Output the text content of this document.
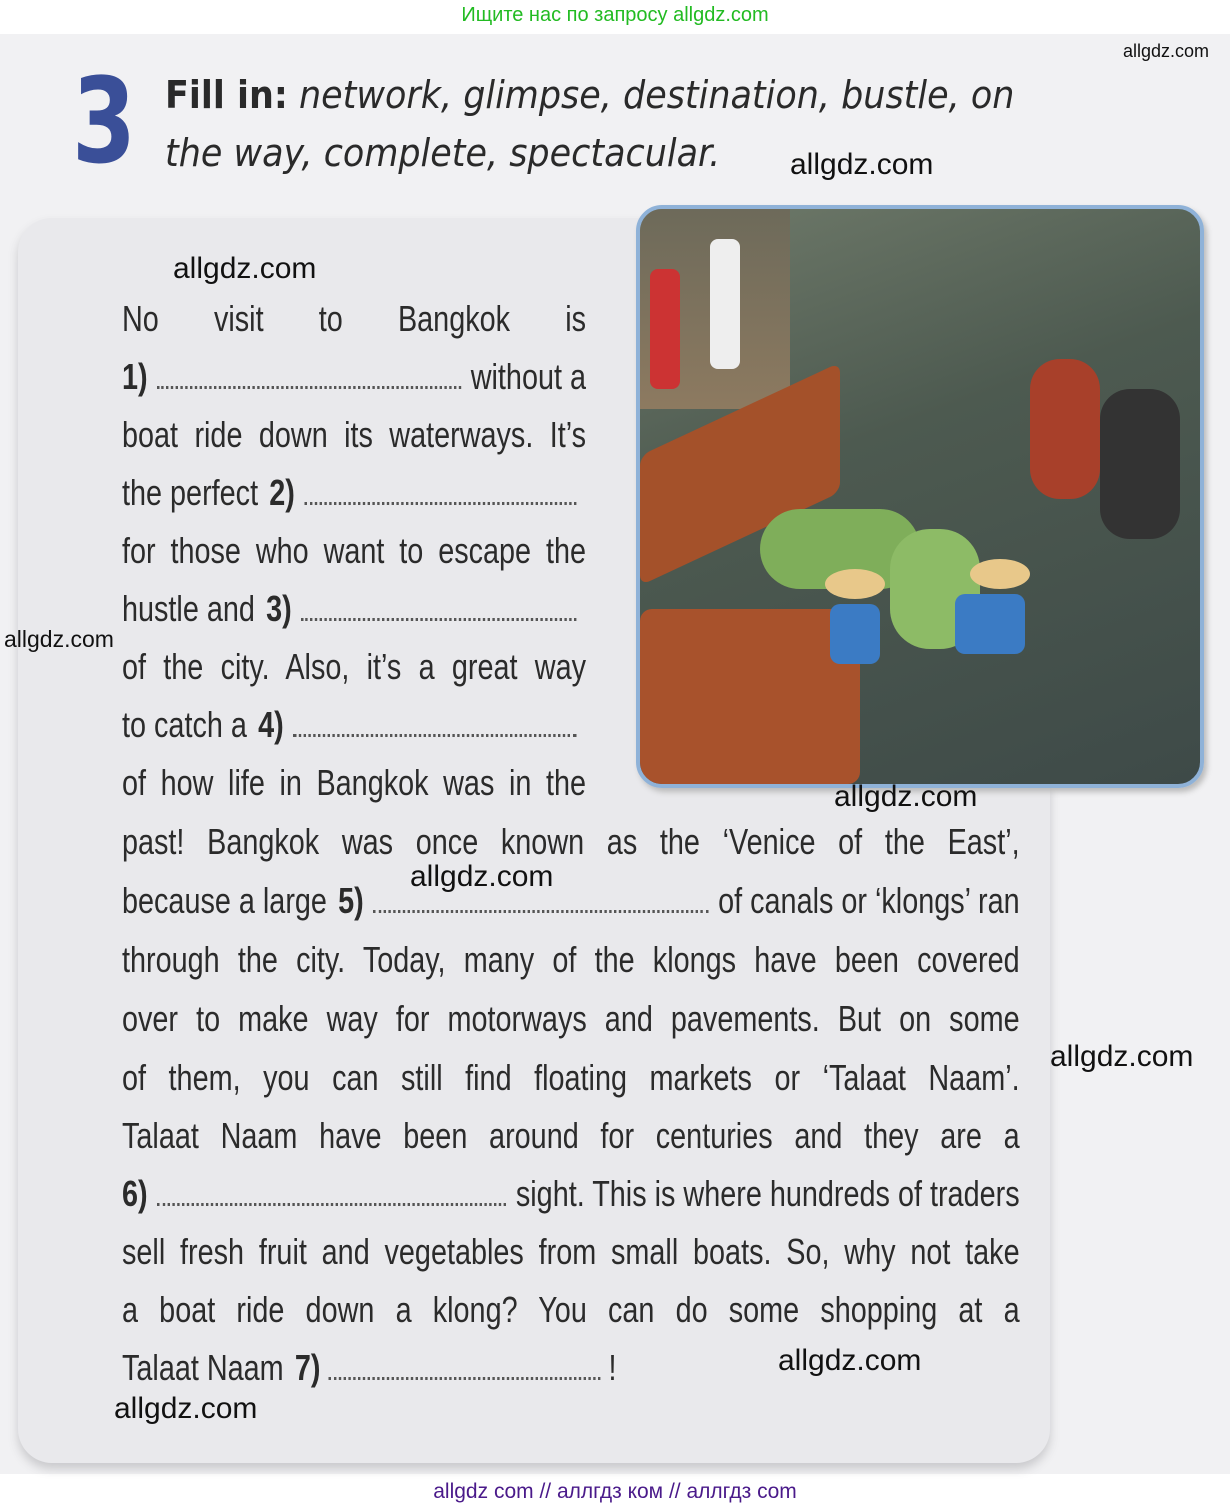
Ищите нас по запросу allgdz.com
3 Fill in: network, glimpse, destination, bustle, on
the way, complete, spectacular.
No visit to Bangkok is
1)	without a
boat ride down its waterways. It’s
the perfect 2)
for those who want to escape the
hustle and 3)
of the city. Also, it’s a great way
to catch a 4)
of how life in Bangkok was in the
past! Bangkok was once known as the ‘Venice of the East’,
because a large 5)	of canals or ‘klongs’ ran
through the city. Today, many of the klongs have been covered
over to make way for motorways and pavements. But on some
of them, you can still find floating markets or ‘Talaat Naam’.
Talaat Naam have been around for centuries and they are a
6)	sight. This is where hundreds of traders
sell fresh fruit and vegetables from small boats. So, why not take
a boat ride down a klong? You can do some shopping at a
Talaat Naam 7)	!
allgdz.com
allgdz.com
allgdz.com
allgdz.com
allgdz.com
allgdz.com
allgdz.com
allgdz.com
allgdz.com
allgdz com // аллгдз ком // аллгдз com
